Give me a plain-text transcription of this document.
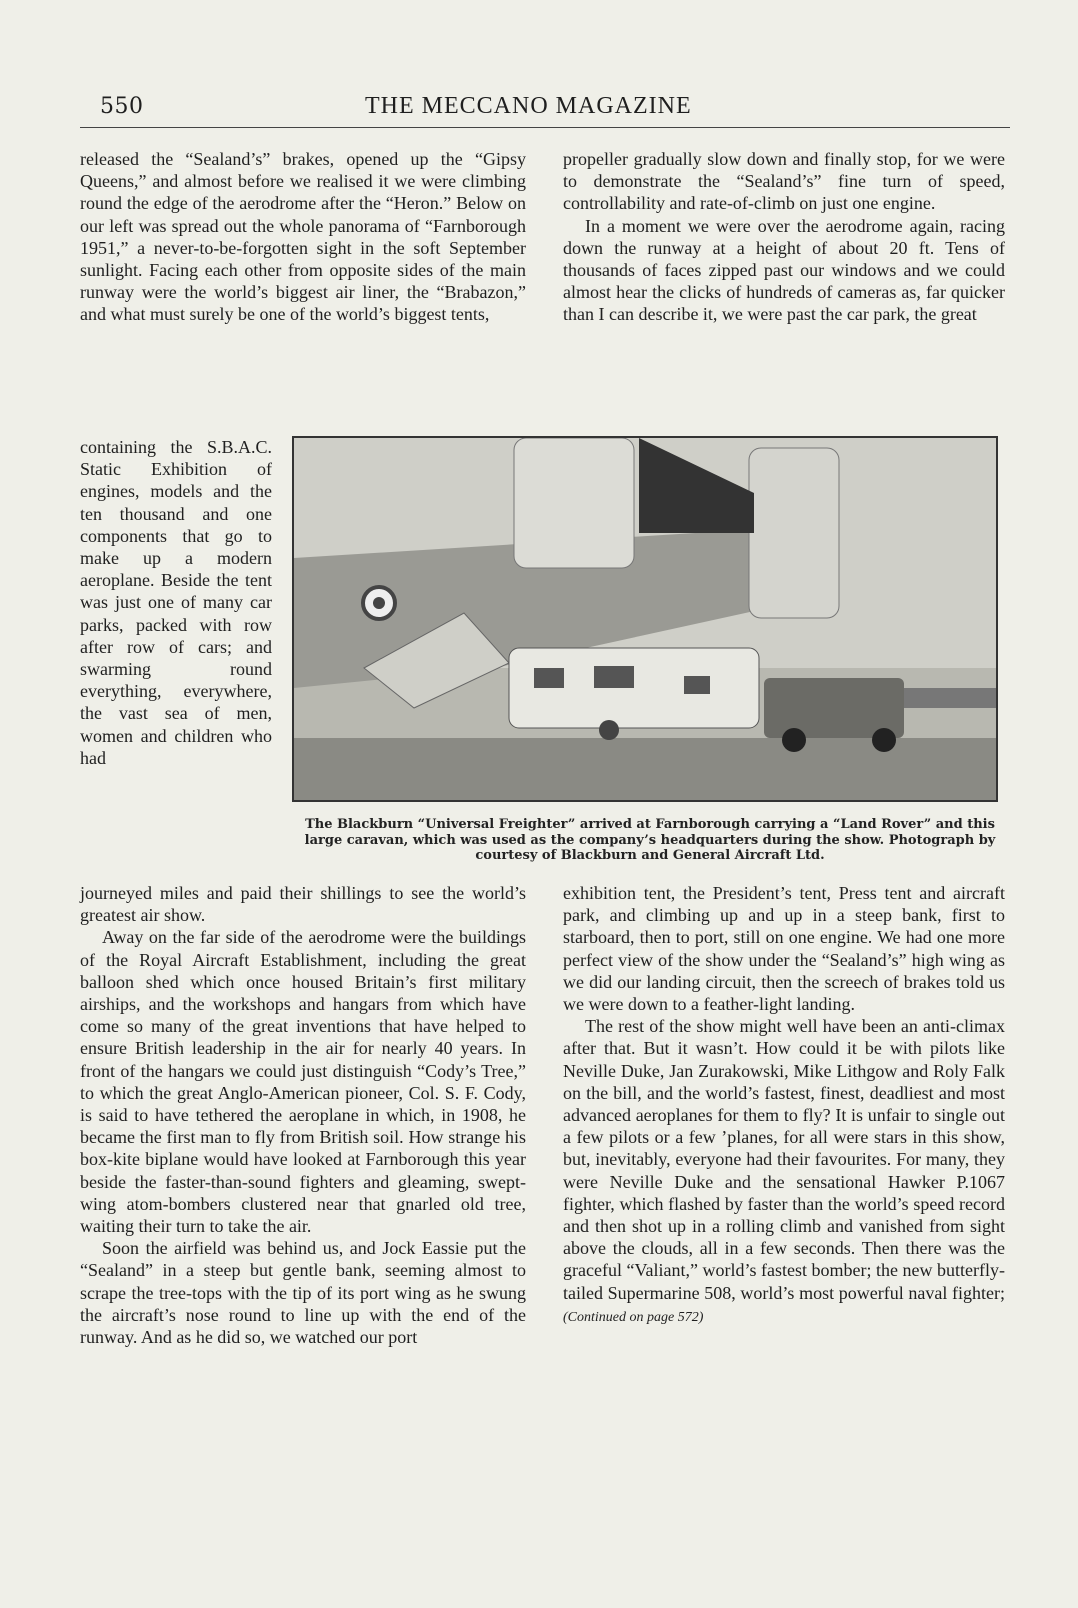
550	THE MECCANO MAGAZINE

released the “Sealand’s” brakes, opened up the “Gipsy Queens,” and almost before we realised it we were climbing round the edge of the aerodrome after the “Heron.” Below on our left was spread out the whole panorama of “Farnborough 1951,” a never-to-be-forgotten sight in the soft September sunlight. Facing each other from opposite sides of the main runway were the world’s biggest air liner, the “Brabazon,” and what must surely be one of the world’s biggest tents,

containing the S.B.A.C. Static Exhibition of engines, models and the ten thousand and one components that go to make up a modern aeroplane. Beside the tent was just one of many car parks, packed with row after row of cars; and swarming round everything, everywhere, the vast sea of men, women and children who had

propeller gradually slow down and finally stop, for we were to demonstrate the “Sealand’s” fine turn of speed, controllability and rate-of-climb on just one engine.

In a moment we were over the aerodrome again, racing down the runway at a height of about 20 ft. Tens of thousands of faces zipped past our windows and we could almost hear the clicks of hundreds of cameras as, far quicker than I can describe it, we were past the car park, the great

The Blackburn “Universal Freighter” arrived at Farnborough carrying a “Land Rover” and this large caravan, which was used as the company’s headquarters during the show. Photograph by courtesy of Blackburn and General Aircraft Ltd.

journeyed miles and paid their shillings to see the world’s greatest air show.

Away on the far side of the aerodrome were the buildings of the Royal Aircraft Establishment, including the great balloon shed which once housed Britain’s first military airships, and the workshops and hangars from which have come so many of the great inventions that have helped to ensure British leadership in the air for nearly 40 years. In front of the hangars we could just distinguish “Cody’s Tree,” to which the great Anglo-American pioneer, Col. S. F. Cody, is said to have tethered the aeroplane in which, in 1908, he became the first man to fly from British soil. How strange his box-kite biplane would have looked at Farnborough this year beside the faster-than-sound fighters and gleaming, swept-wing atom-bombers clustered near that gnarled old tree, waiting their turn to take the air.

Soon the airfield was behind us, and Jock Eassie put the “Sealand” in a steep but gentle bank, seeming almost to scrape the tree-tops with the tip of its port wing as he swung the aircraft’s nose round to line up with the end of the runway. And as he did so, we watched our port

exhibition tent, the President’s tent, Press tent and aircraft park, and climbing up and up in a steep bank, first to starboard, then to port, still on one engine. We had one more perfect view of the show under the “Sealand’s” high wing as we did our landing circuit, then the screech of brakes told us we were down to a feather-light landing.

The rest of the show might well have been an anti-climax after that. But it wasn’t. How could it be with pilots like Neville Duke, Jan Zurakowski, Mike Lithgow and Roly Falk on the bill, and the world’s fastest, finest, deadliest and most advanced aeroplanes for them to fly? It is unfair to single out a few pilots or a few ’planes, for all were stars in this show, but, inevitably, everyone had their favourites. For many, they were Neville Duke and the sensational Hawker P.1067 fighter, which flashed by faster than the world’s speed record and then shot up in a rolling climb and vanished from sight above the clouds, all in a few seconds. Then there was the graceful “Valiant,” world’s fastest bomber; the new butterfly-tailed Supermarine 508, world’s most powerful naval fighter; (Continued on page 572)
